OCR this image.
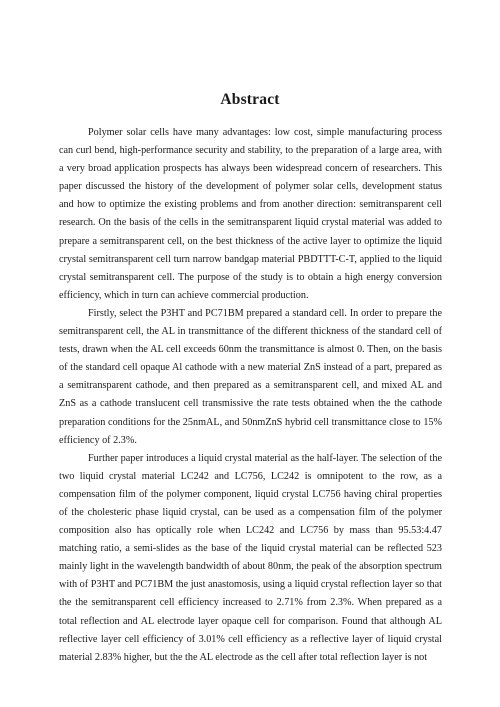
Abstract

Polymer solar cells have many advantages: low cost, simple manufacturing process can curl bend, high-performance security and stability, to the preparation of a large area, with a very broad application prospects has always been widespread concern of researchers. This paper discussed the history of the development of polymer solar cells, development status and how to optimize the existing problems and from another direction: semitransparent cell research. On the basis of the cells in the semitransparent liquid crystal material was added to prepare a semitransparent cell, on the best thickness of the active layer to optimize the liquid crystal semitransparent cell turn narrow bandgap material PBDTTT-C-T, applied to the liquid crystal semitransparent cell. The purpose of the study is to obtain a high energy conversion efficiency, which in turn can achieve commercial production.

Firstly, select the P3HT and PC71BM prepared a standard cell. In order to prepare the semitransparent cell, the AL in transmittance of the different thickness of the standard cell of tests, drawn when the AL cell exceeds 60nm the transmittance is almost 0. Then, on the basis of the standard cell opaque Al cathode with a new material ZnS instead of a part, prepared as a semitransparent cathode, and then prepared as a semitransparent cell, and mixed AL and ZnS as a cathode translucent cell transmissive the rate tests obtained when the the cathode preparation conditions for the 25nmAL, and 50nmZnS hybrid cell transmittance close to 15% efficiency of 2.3%.

Further paper introduces a liquid crystal material as the half-layer. The selection of the two liquid crystal material LC242 and LC756, LC242 is omnipotent to the row, as a compensation film of the polymer component, liquid crystal LC756 having chiral properties of the cholesteric phase liquid crystal, can be used as a compensation film of the polymer composition also has optically role when LC242 and LC756 by mass than 95.53:4.47 matching ratio, a semi-slides as the base of the liquid crystal material can be reflected 523 mainly light in the wavelength bandwidth of about 80nm, the peak of the absorption spectrum with of P3HT and PC71BM the just anastomosis, using a liquid crystal reflection layer so that the the semitransparent cell efficiency increased to 2.71% from 2.3%. When prepared as a total reflection and AL electrode layer opaque cell for comparison. Found that although AL reflective layer cell efficiency of 3.01% cell efficiency as a reflective layer of liquid crystal material 2.83% higher, but the the AL electrode as the cell after total reflection layer is not
